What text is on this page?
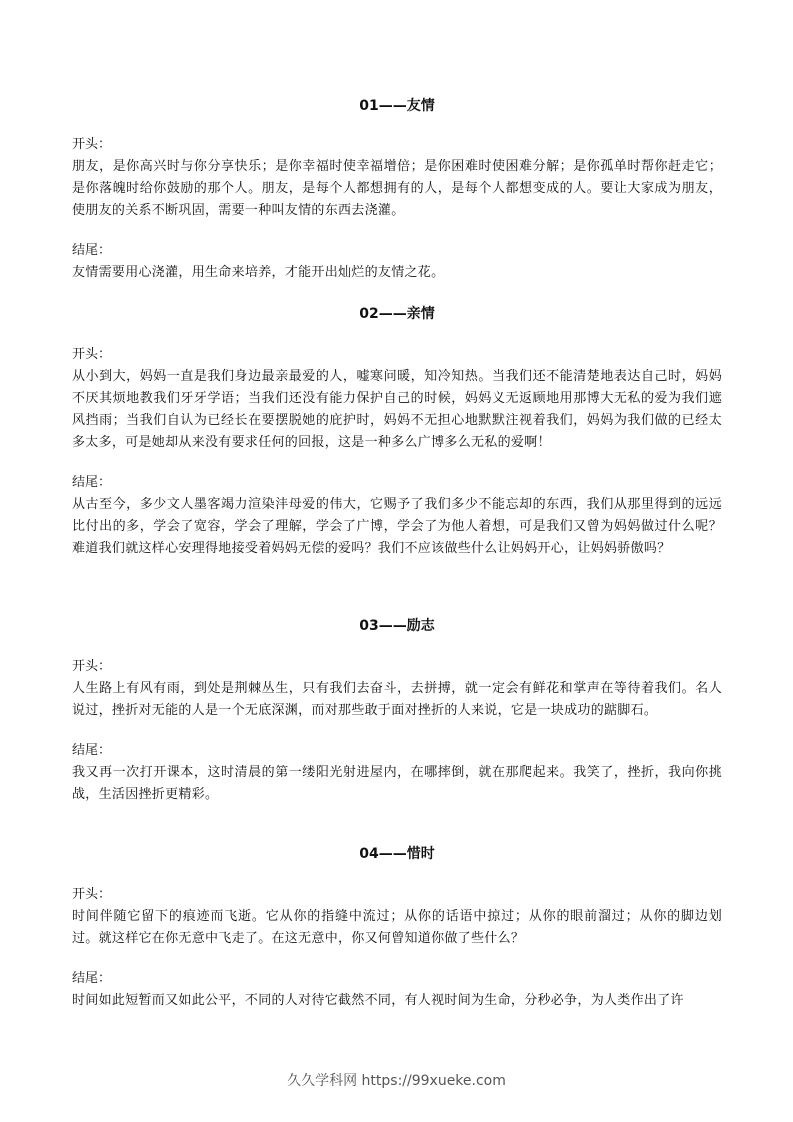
01——友情

开头：

朋友，是你高兴时与你分享快乐；是你幸福时使幸福增倍；是你困难时使困难分解；是你孤单时帮你赶走它；是你落魄时给你鼓励的那个人。朋友，是每个人都想拥有的人，是每个人都想变成的人。要让大家成为朋友，使朋友的关系不断巩固，需要一种叫友情的东西去浇灌。

结尾：

友情需要用心浇灌，用生命来培养，才能开出灿烂的友情之花。

02——亲情

开头：

从小到大，妈妈一直是我们身边最亲最爱的人，嘘寒问暖，知冷知热。当我们还不能清楚地表达自己时，妈妈不厌其烦地教我们牙牙学语；当我们还没有能力保护自己的时候，妈妈义无返顾地用那博大无私的爱为我们遮风挡雨；当我们自认为已经长在要摆脱她的庇护时，妈妈不无担心地默默注视着我们，妈妈为我们做的已经太多太多，可是她却从来没有要求任何的回报，这是一种多么广博多么无私的爱啊！

结尾：

从古至今，多少文人墨客竭力渲染沣母爱的伟大，它赐予了我们多少不能忘却的东西，我们从那里得到的远远比付出的多，学会了宽容，学会了理解，学会了广博，学会了为他人着想，可是我们又曾为妈妈做过什么呢？难道我们就这样心安理得地接受着妈妈无偿的爱吗？我们不应该做些什么让妈妈开心，让妈妈骄傲吗？

03——励志

开头：

人生路上有风有雨，到处是荆棘丛生，只有我们去奋斗，去拼搏，就一定会有鲜花和掌声在等待着我们。名人说过，挫折对无能的人是一个无底深渊，而对那些敢于面对挫折的人来说，它是一块成功的踮脚石。

结尾：

我又再一次打开课本，这时清晨的第一缕阳光射进屋内，在哪摔倒，就在那爬起来。我笑了，挫折，我向你挑战，生活因挫折更精彩。

04——惜时

开头：

时间伴随它留下的痕迹而飞逝。它从你的指缝中流过；从你的话语中掠过；从你的眼前溜过；从你的脚边划过。就这样它在你无意中飞走了。在这无意中，你又何曾知道你做了些什么？

结尾：

时间如此短暂而又如此公平，不同的人对待它截然不同，有人视时间为生命，分秒必争，为人类作出了许

久久学科网 https://99xueke.com
